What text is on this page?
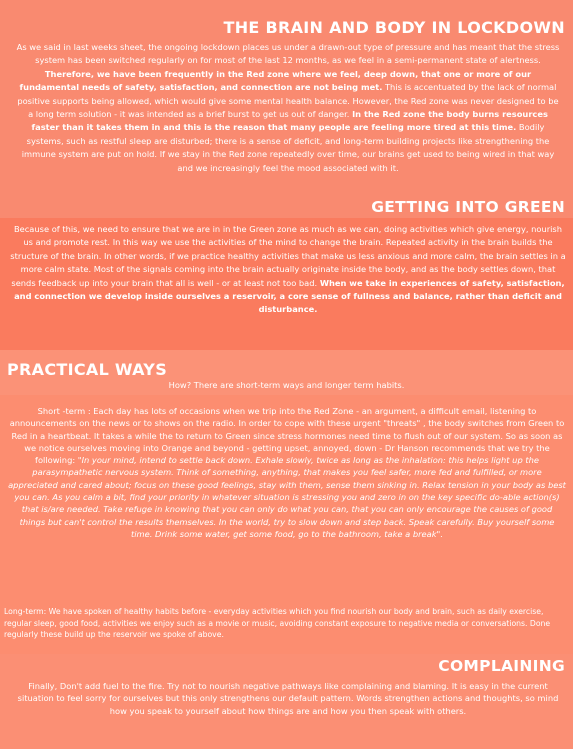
THE BRAIN AND BODY IN LOCKDOWN
As we said in last weeks sheet, the ongoing lockdown places us under a drawn-out type of pressure and has meant that the stress system has been switched regularly on for most of the last 12 months, as we feel in a semi-permanent state of alertness. Therefore, we have been frequently in the Red zone where we feel, deep down, that one or more of our fundamental needs of safety, satisfaction, and connection are not being met. This is accentuated by the lack of normal positive supports being allowed, which would give some mental health balance. However, the Red zone was never designed to be a long term solution - it was intended as a brief burst to get us out of danger. In the Red zone the body burns resources faster than it takes them in and this is the reason that many people are feeling more tired at this time. Bodily systems, such as restful sleep are disturbed; there is a sense of deficit, and long-term building projects like strengthening the immune system are put on hold. If we stay in the Red zone repeatedly over time, our brains get used to being wired in that way and we increasingly feel the mood associated with it.
GETTING INTO GREEN
Because of this, we need to ensure that we are in in the Green zone as much as we can, doing activities which give energy, nourish us and promote rest. In this way we use the activities of the mind to change the brain. Repeated activity in the brain builds the structure of the brain. In other words, if we practice healthy activities that make us less anxious and more calm, the brain settles in a more calm state. Most of the signals coming into the brain actually originate inside the body, and as the body settles down, that sends feedback up into your brain that all is well - or at least not too bad. When we take in experiences of safety, satisfaction, and connection we develop inside ourselves a reservoir, a core sense of fullness and balance, rather than deficit and disturbance.
PRACTICAL WAYS
How? There are short-term ways and longer term habits.
Short -term : Each day has lots of occasions when we trip into the Red Zone - an argument, a difficult email, listening to announcements on the news or to shows on the radio. In order to cope with these urgent "threats" , the body switches from Green to Red in a heartbeat. It takes a while the to return to Green since stress hormones need time to flush out of our system. So as soon as we notice ourselves moving into Orange and beyond - getting upset, annoyed, down - Dr Hanson recommends that we try the following: "In your mind, intend to settle back down. Exhale slowly, twice as long as the inhalation: this helps light up the parasympathetic nervous system. Think of something, anything, that makes you feel safer, more fed and fulfilled, or more appreciated and cared about; focus on these good feelings, stay with them, sense them sinking in. Relax tension in your body as best you can. As you calm a bit, find your priority in whatever situation is stressing you and zero in on the key specific do-able action(s) that is/are needed. Take refuge in knowing that you can only do what you can, that you can only encourage the causes of good things but can't control the results themselves. In the world, try to slow down and step back. Speak carefully. Buy yourself some time. Drink some water, get some food, go to the bathroom, take a break".
Long-term: We have spoken of healthy habits before - everyday activities which you find nourish our body and brain, such as daily exercise, regular sleep, good food, activities we enjoy such as a movie or music, avoiding constant exposure to negative media or conversations. Done regularly these build up the reservoir we spoke of above.
COMPLAINING
Finally, Don't add fuel to the fire. Try not to nourish negative pathways like complaining and blaming. It is easy in the current situation to feel sorry for ourselves but this only strengthens our default pattern. Words strengthen actions and thoughts, so mind how you speak to yourself about how things are and how you then speak with others.
